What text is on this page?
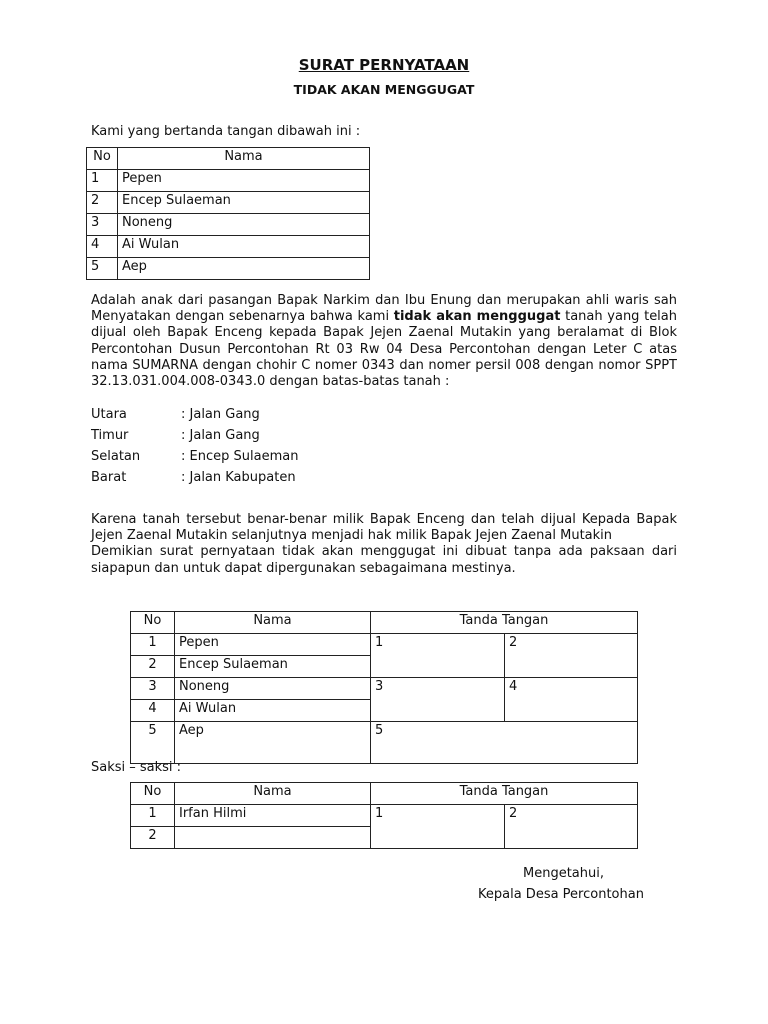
SURAT PERNYATAAN
TIDAK AKAN MENGGUGAT
Kami yang bertanda tangan dibawah ini :
No	Nama
1	Pepen
2	Encep Sulaeman
3	Noneng
4	Ai Wulan
5	Aep
Adalah anak dari pasangan Bapak Narkim dan Ibu Enung dan merupakan ahli waris sah Menyatakan dengan sebenarnya bahwa kami tidak akan menggugat tanah yang telah dijual oleh Bapak Enceng kepada Bapak Jejen Zaenal Mutakin yang beralamat di Blok Percontohan Dusun Percontohan Rt 03 Rw 04 Desa Percontohan dengan Leter C atas nama SUMARNA dengan chohir C nomer 0343 dan nomer persil 008 dengan nomor SPPT 32.13.031.004.008-0343.0 dengan batas-batas tanah :
Utara	: Jalan Gang
Timur	: Jalan Gang
Selatan	: Encep Sulaeman
Barat	: Jalan Kabupaten
Karena tanah tersebut benar-benar milik Bapak Enceng dan telah dijual Kepada Bapak Jejen Zaenal Mutakin selanjutnya menjadi hak milik Bapak Jejen Zaenal Mutakin
Demikian surat pernyataan tidak akan menggugat ini dibuat tanpa ada paksaan dari siapapun dan untuk dapat dipergunakan sebagaimana mestinya.
No	Nama	Tanda Tangan	
1	Pepen	1	2
2	Encep Sulaeman		
3	Noneng	3	4
4	Ai Wulan		
5	Aep	5	
Saksi – saksi :
No	Nama	Tanda Tangan	
1	Irfan Hilmi	1	2
2			
Mengetahui,
Kepala Desa Percontohan
